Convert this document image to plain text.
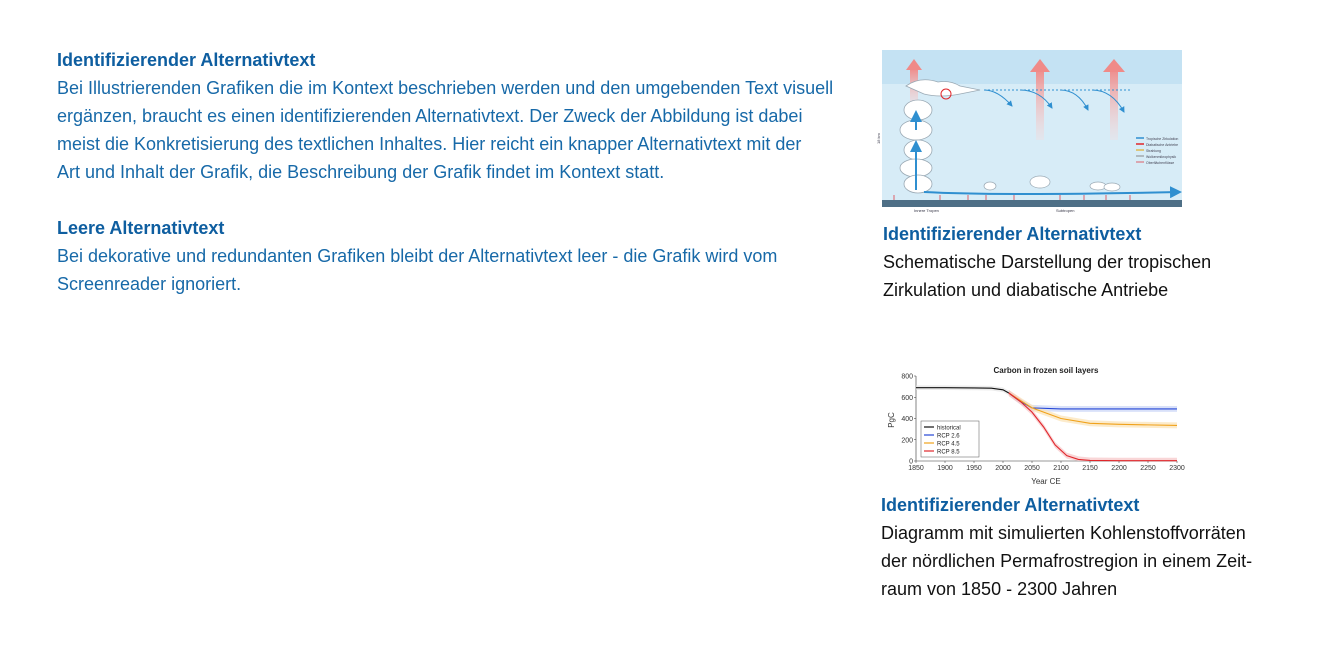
Identifizierender Alternativtext

Bei Illustrierenden Grafiken die im Kontext beschrieben werden und den umgebenden Text visuell
ergänzen, braucht es einen identifizierenden Alternativtext. Der Zweck der Abbildung ist dabei
meist die Konkretisierung des textlichen Inhaltes. Hier reicht ein knapper Alternativtext mit der
Art und Inhalt der Grafik, die Beschreibung der Grafik findet im Kontext statt.

Leere Alternativtext

Bei dekorative und redundanten Grafiken bleibt der Alternativtext leer - die Grafik wird vom
Screenreader ignoriert.

Tropische Zirkulation
Diabatische Antriebe
Strahlung
Wolkenmikrophysik
Oberflächenflüsse
18 km
Innere Tropen	Subtropen
Identifizierender Alternativtext

Schematische Darstellung der tropischen
Zirkulation und diabatische Antriebe

Carbon in frozen soil layers
Year CE
PgC
1850 1900 1950 2000 2050 2100 2150 2200 2250 2300
0
200
400
600
800
historical
RCP 2.6
RCP 4.5
RCP 8.5
Identifizierender Alternativtext

Diagramm mit simulierten Kohlenstoffvorräten
der nördlichen Permafrostregion in einem Zeit-
raum von 1850 - 2300 Jahren
